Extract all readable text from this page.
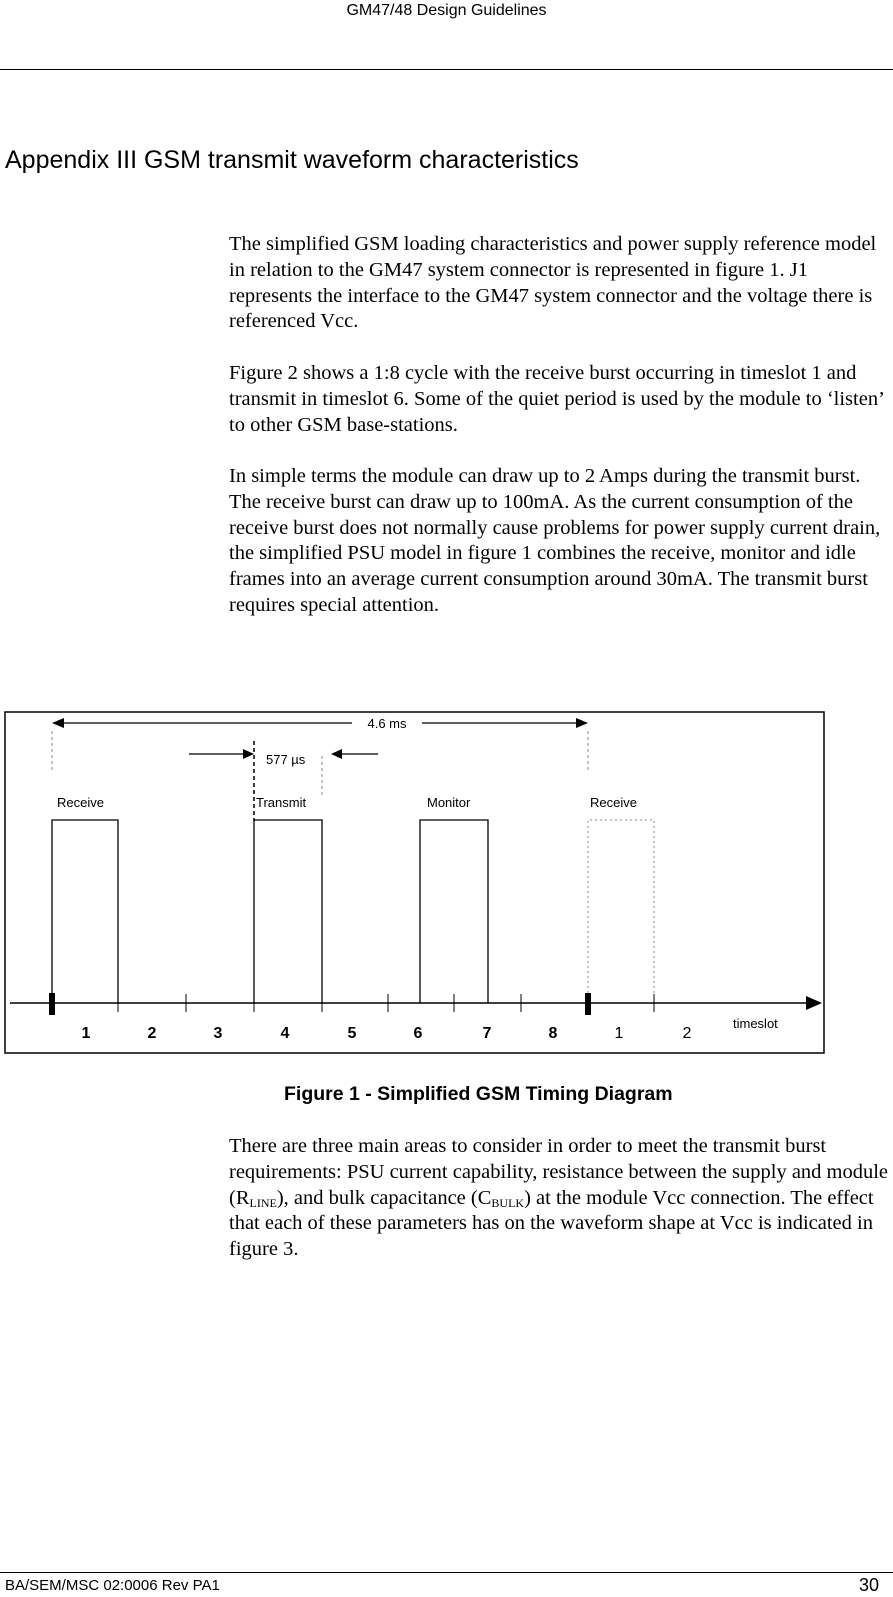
GM47/48 Design Guidelines
Appendix III GSM transmit waveform characteristics

The simplified GSM loading characteristics and power supply reference model in relation to the GM47 system connector is represented in figure 1. J1 represents the interface to the GM47 system connector and the voltage there is referenced Vcc.

Figure 2 shows a 1:8 cycle with the receive burst occurring in timeslot 1 and transmit in timeslot 6. Some of the quiet period is used by the module to ‘listen’ to other GSM base-stations.

In simple terms the module can draw up to 2 Amps during the transmit burst. The receive burst can draw up to 100mA. As the current consumption of the receive burst does not normally cause problems for power supply current drain, the simplified PSU model in figure 1 combines the receive, monitor and idle frames into an average current consumption around 30mA. The transmit burst requires special attention.

4.6 ms
577 µs
Receive	Transmit	Monitor	Receive
1	2	3	4	5	6	7	8	1	2
timeslot
Figure 1 - Simplified GSM Timing Diagram

There are three main areas to consider in order to meet the transmit burst requirements: PSU current capability, resistance between the supply and module $(R_{LINE})$, and bulk capacitance $(C_{BULK})$ at the module Vcc connection. The effect that each of these parameters has on the waveform shape at Vcc is indicated in figure 3.

BA/SEM/MSC 02:0006 Rev PA1	30
